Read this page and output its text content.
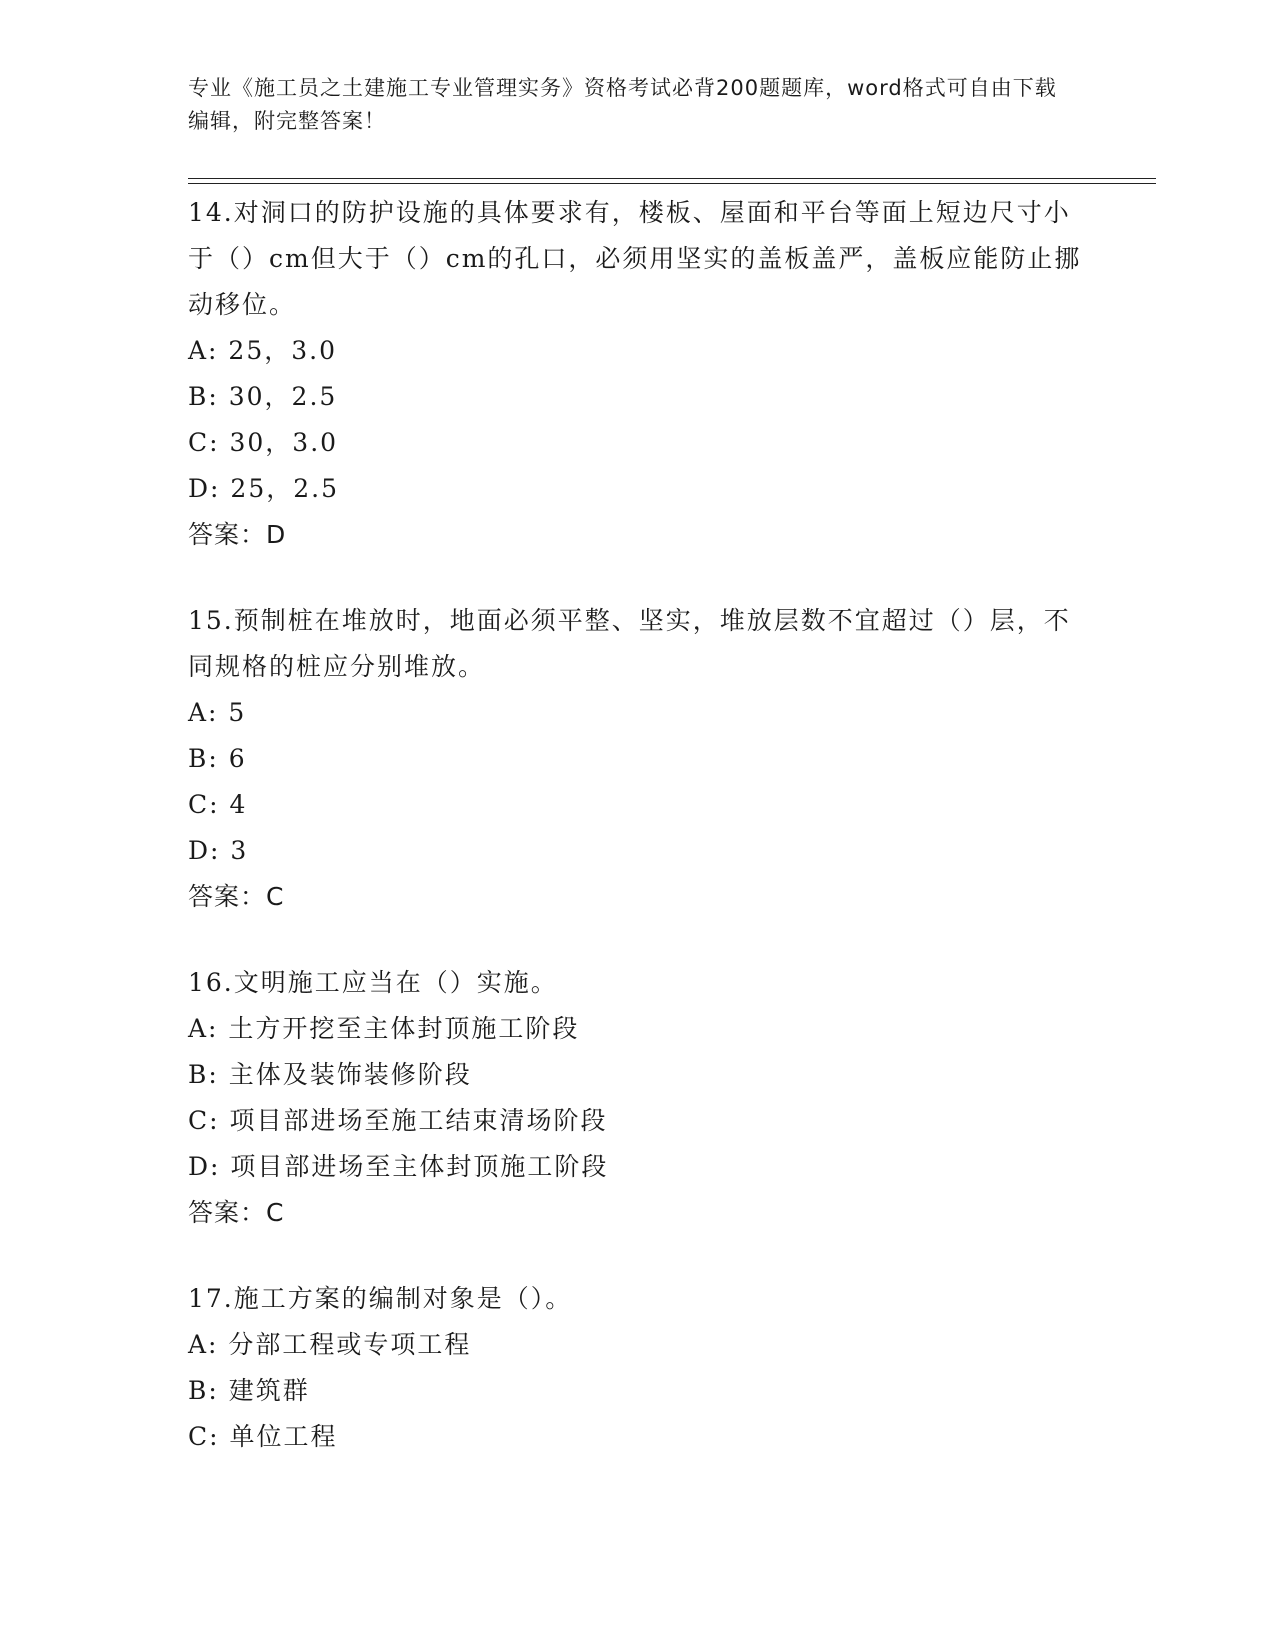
专业《施工员之土建施工专业管理实务》资格考试必背200题题库，word格式可自由下载编辑，附完整答案！
14.对洞口的防护设施的具体要求有，楼板、屋面和平台等面上短边尺寸小于（）cm但大于（）cm的孔口，必须用坚实的盖板盖严，盖板应能防止挪动移位。
A: 25，3.0
B: 30，2.5
C: 30，3.0
D: 25，2.5
答案：D
15.预制桩在堆放时，地面必须平整、坚实，堆放层数不宜超过（）层，不同规格的桩应分别堆放。
A: 5
B: 6
C: 4
D: 3
答案：C
16.文明施工应当在（）实施。
A: 土方开挖至主体封顶施工阶段
B: 主体及装饰装修阶段
C: 项目部进场至施工结束清场阶段
D: 项目部进场至主体封顶施工阶段
答案：C
17.施工方案的编制对象是（）。
A: 分部工程或专项工程
B: 建筑群
C: 单位工程
